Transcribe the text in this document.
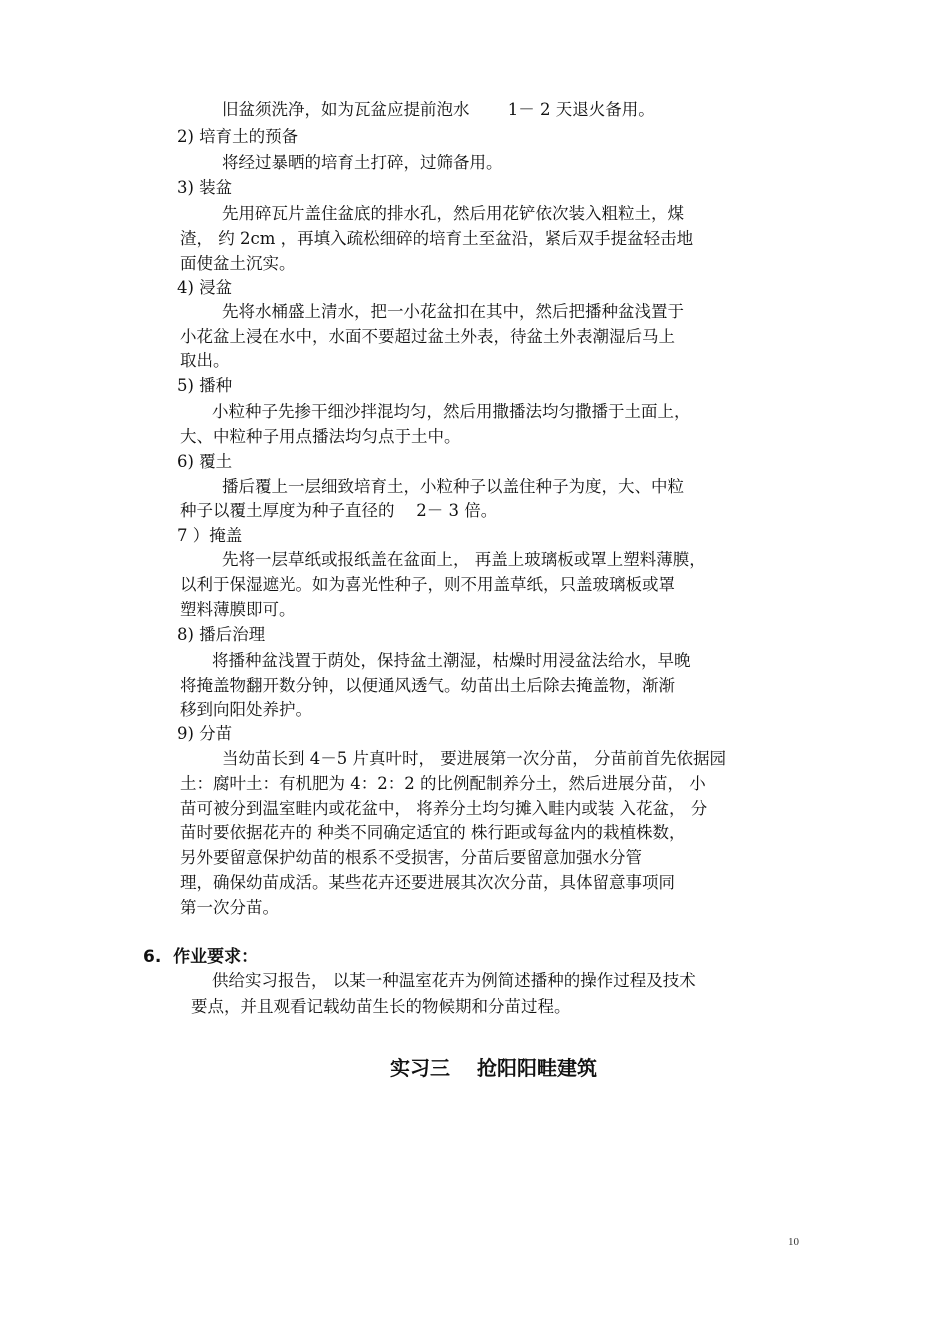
旧盆须洗净，如为瓦盆应提前泡水　　 1－ 2 天退火备用。
2) 培育土的预备
将经过暴晒的培育土打碎，过筛备用。
3) 装盆
先用碎瓦片盖住盆底的排水孔，然后用花铲依次装入粗粒土，煤
渣， 约 2cm ，再填入疏松细碎的培育土至盆沿，紧后双手提盆轻击地
面使盆土沉实。
4) 浸盆
先将水桶盛上清水，把一小花盆扣在其中，然后把播种盆浅置于
小花盆上浸在水中，水面不要超过盆土外表，待盆土外表潮湿后马上
取出。
5) 播种
小粒种子先掺干细沙拌混均匀，然后用撒播法均匀撒播于土面上，
大、中粒种子用点播法均匀点于土中。
6) 覆土
播后覆上一层细致培育土，小粒种子以盖住种子为度，大、中粒
种子以覆土厚度为种子直径的　 2－ 3 倍。
7 ）掩盖
先将一层草纸或报纸盖在盆面上， 再盖上玻璃板或罩上塑料薄膜，
以利于保湿遮光。如为喜光性种子，则不用盖草纸，只盖玻璃板或罩
塑料薄膜即可。
8) 播后治理
将播种盆浅置于荫处，保持盆土潮湿，枯燥时用浸盆法给水，早晚
将掩盖物翻开数分钟，以便通风透气。幼苗出土后除去掩盖物，渐渐
移到向阳处养护。
9) 分苗
当幼苗长到 4－5 片真叶时， 要进展第一次分苗， 分苗前首先依据园
土：腐叶土：有机肥为 4：2：2 的比例配制养分土，然后进展分苗， 小
苗可被分到温室畦内或花盆中， 将养分土均匀摊入畦内或装 入花盆， 分
苗时要依据花卉的 种类不同确定适宜的 株行距或每盆内的栽植株数，
另外要留意保护幼苗的根系不受损害，分苗后要留意加强水分管
理，确保幼苗成活。某些花卉还要进展其次次分苗，具体留意事项同
第一次分苗。
6.  作业要求：
供给实习报告， 以某一种温室花卉为例简述播种的操作过程及技术
要点，并且观看记载幼苗生长的物候期和分苗过程。
实习三　 抢阳阳畦建筑
10
